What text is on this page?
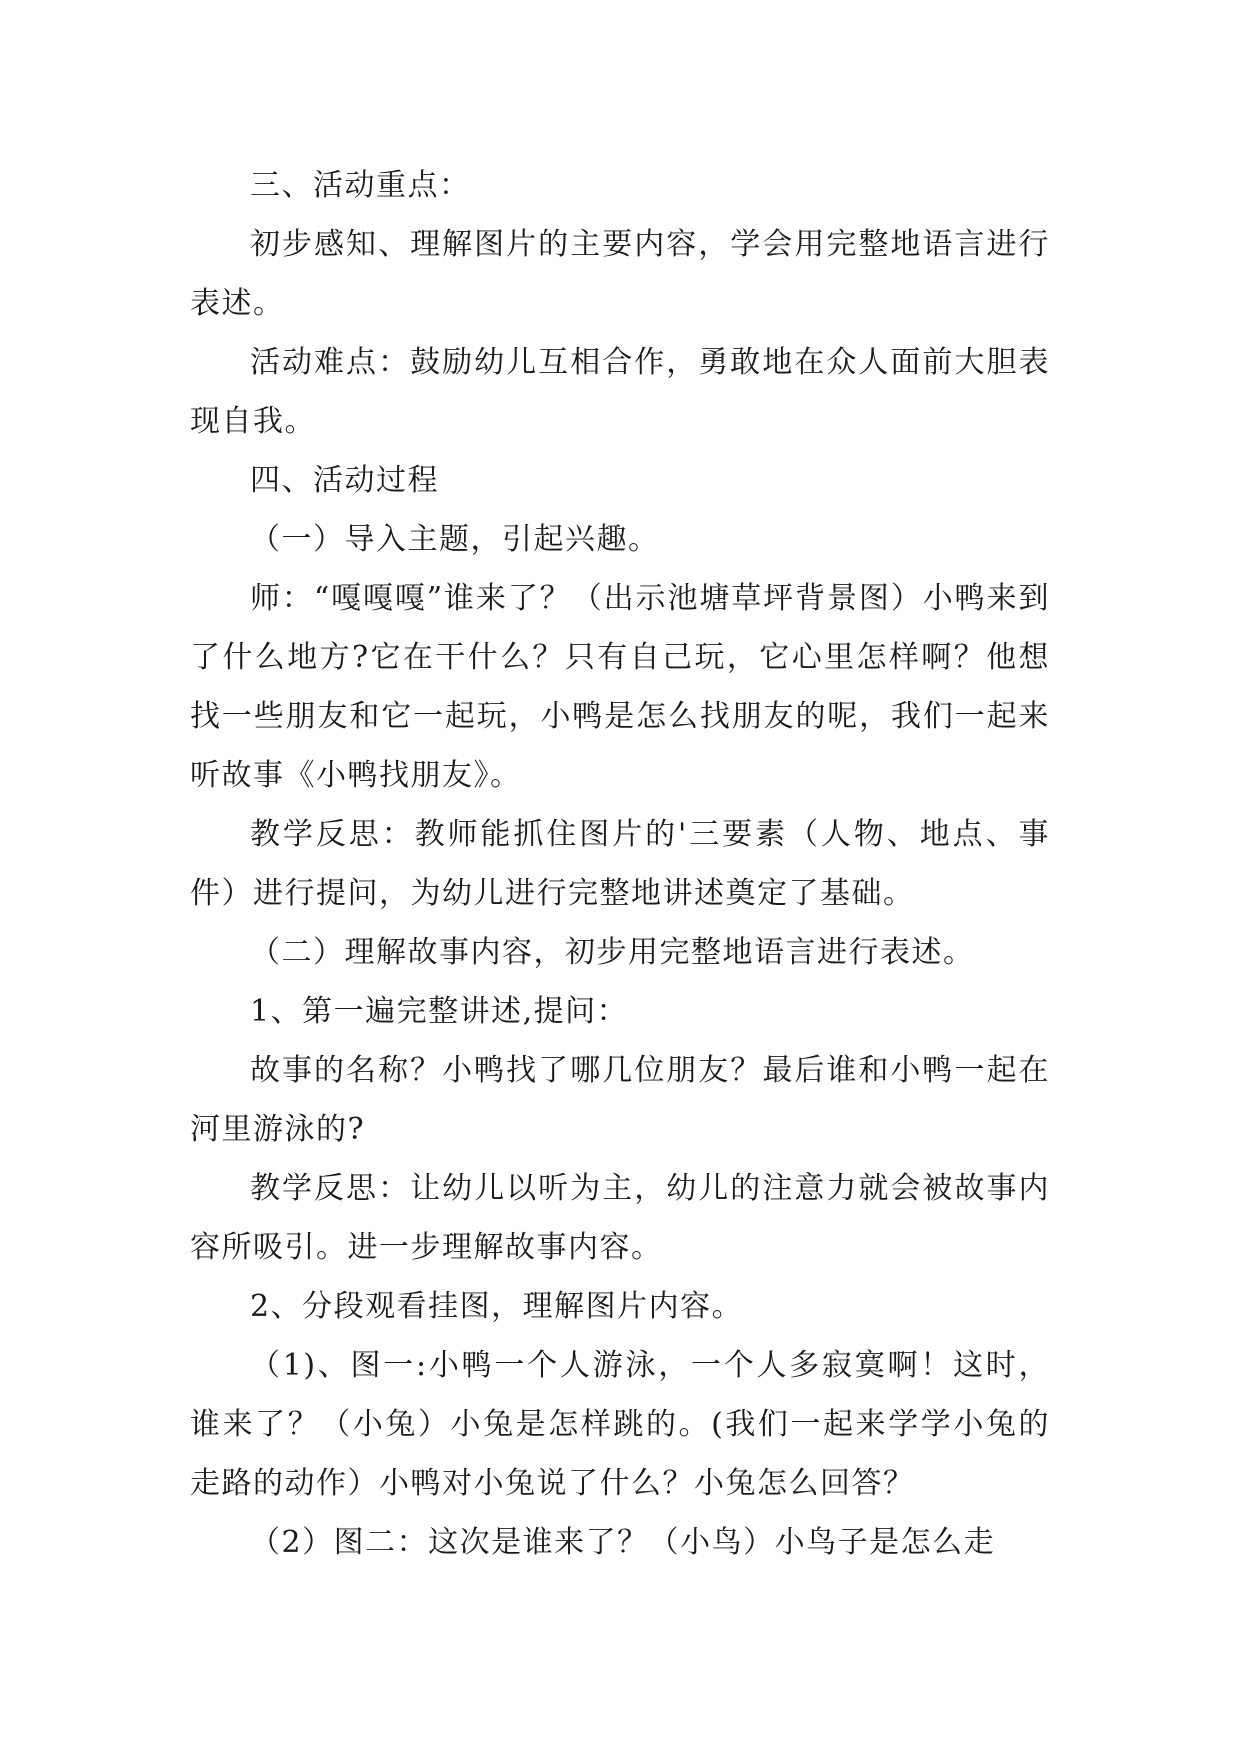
三、活动重点：

初步感知、理解图片的主要内容，学会用完整地语言进行表述。

活动难点：鼓励幼儿互相合作，勇敢地在众人面前大胆表现自我。

四、活动过程

（一）导入主题，引起兴趣。

师：“嘎嘎嘎”谁来了？（出示池塘草坪背景图）小鸭来到了什么地方?它在干什么？只有自己玩，它心里怎样啊？他想找一些朋友和它一起玩，小鸭是怎么找朋友的呢，我们一起来听故事《小鸭找朋友》。

教学反思：教师能抓住图片的'三要素（人物、地点、事件）进行提问，为幼儿进行完整地讲述奠定了基础。

（二）理解故事内容，初步用完整地语言进行表述。

1、第一遍完整讲述,提问：

故事的名称？小鸭找了哪几位朋友？最后谁和小鸭一起在河里游泳的?

教学反思：让幼儿以听为主，幼儿的注意力就会被故事内容所吸引。进一步理解故事内容。

2、分段观看挂图，理解图片内容。

（1)、图一:小鸭一个人游泳，一个人多寂寞啊！这时，谁来了？（小兔）小兔是怎样跳的。(我们一起来学学小兔的走路的动作）小鸭对小兔说了什么？小兔怎么回答？

（2）图二：这次是谁来了？（小鸟）小鸟子是怎么走
